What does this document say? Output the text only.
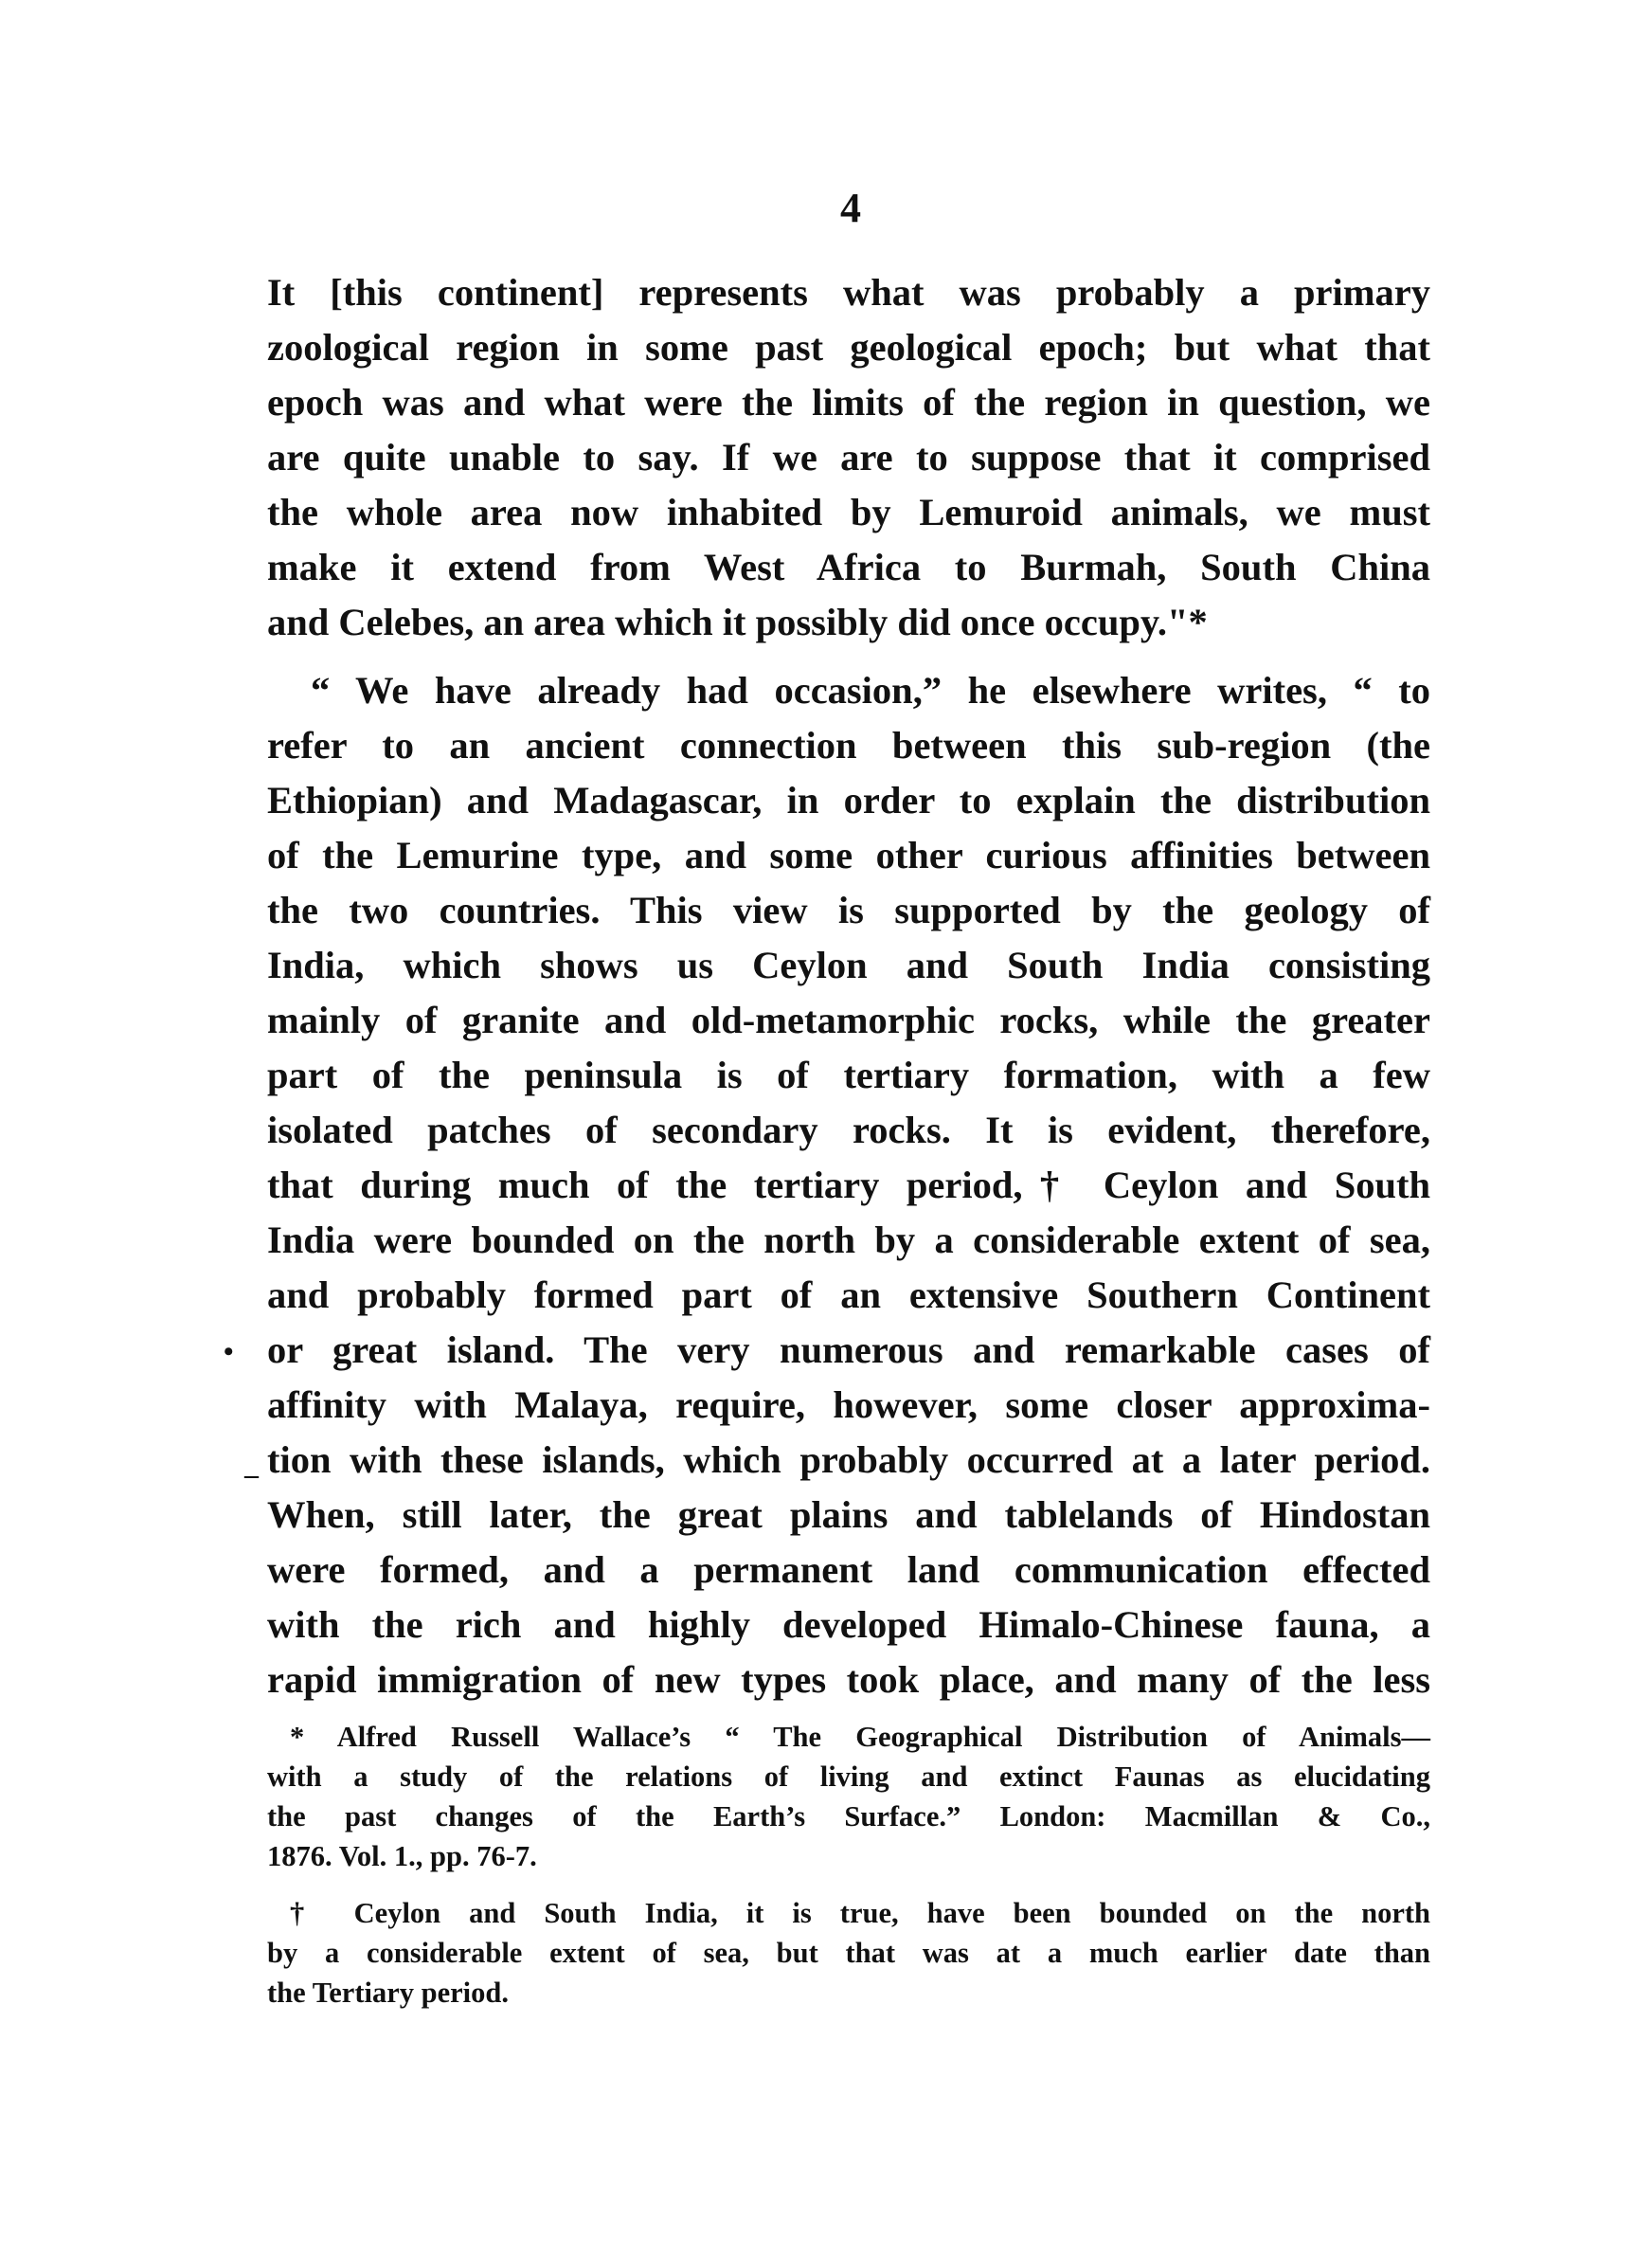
4

It [this continent] represents what was probably a primary
zoological region in some past geological epoch; but what that
epoch was and what were the limits of the region in question, we
are quite unable to say. If we are to suppose that it comprised
the whole area now inhabited by Lemuroid animals, we must
make it extend from West Africa to Burmah, South China
and Celebes, an area which it possibly did once occupy."*

“ We have already had occasion,” he elsewhere writes, “ to
refer to an ancient connection between this sub-region (the
Ethiopian) and Madagascar, in order to explain the distribution
of the Lemurine type, and some other curious affinities between
the two countries. This view is supported by the geology of
India, which shows us Ceylon and South India consisting
mainly of granite and old-metamorphic rocks, while the greater
part of the peninsula is of tertiary formation, with a few
isolated patches of secondary rocks. It is evident, therefore,
that during much of the tertiary period,† Ceylon and South
India were bounded on the north by a considerable extent of sea,
and probably formed part of an extensive Southern Continent
or great island. The very numerous and remarkable cases of
affinity with Malaya, require, however, some closer approxima-
tion with these islands, which probably occurred at a later period.
When, still later, the great plains and tablelands of Hindostan
were formed, and a permanent land communication effected
with the rich and highly developed Himalo-Chinese fauna, a
rapid immigration of new types took place, and many of the less

•
–

* Alfred Russell Wallace’s “ The Geographical Distribution of Animals—
with a study of the relations of living and extinct Faunas as elucidating
the past changes of the Earth’s Surface.” London: Macmillan & Co.,
1876. Vol. 1., pp. 76-7.

† Ceylon and South India, it is true, have been bounded on the north
by a considerable extent of sea, but that was at a much earlier date than
the Tertiary period.
